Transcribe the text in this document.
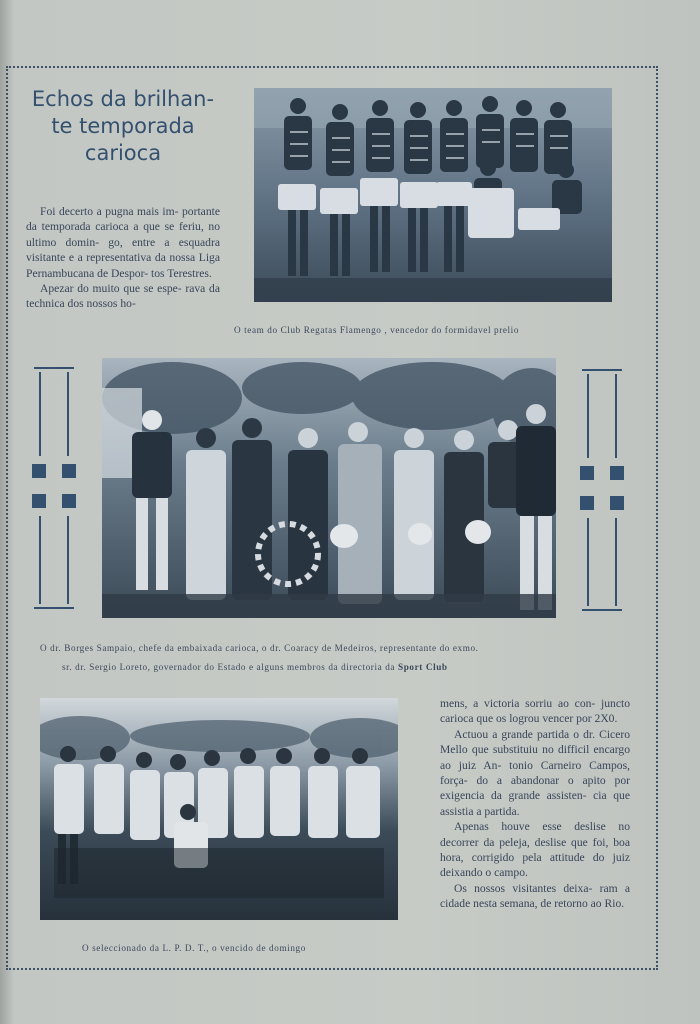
Echos da brilhan-
te temporada
carioca

Foi decerto a pugna mais im- portante da temporada carioca a que se feriu, no ultimo domin- go, entre a esquadra visitante e a representativa da nossa Liga Pernambucana de Despor- tos Terestres.

Apezar do muito que se espe- rava da technica dos nossos ho-

O team do Club Regatas Flamengo , vencedor do formidavel prelio
O dr. Borges Sampaio, chefe da embaixada carioca, o dr. Coaracy de Medeiros, representante do exmo.
sr. dr. Sergio Loreto, governador do Estado e alguns membros da directoria da Sport Club
O seleccionado da L. P. D. T., o vencido de domingo

mens, a victoria sorriu ao con- juncto carioca que os logrou vencer por 2X0.

Actuou a grande partida o dr. Cicero Mello que substituiu no difficil encargo ao juiz An- tonio Carneiro Campos, força- do a abandonar o apito por exigencia da grande assisten- cia que assistia a partida.

Apenas houve esse deslise no decorrer da peleja, deslise que foi, boa hora, corrigido pela attitude do juiz deixando o campo.

Os nossos visitantes deixa- ram a cidade nesta semana, de retorno ao Rio.
